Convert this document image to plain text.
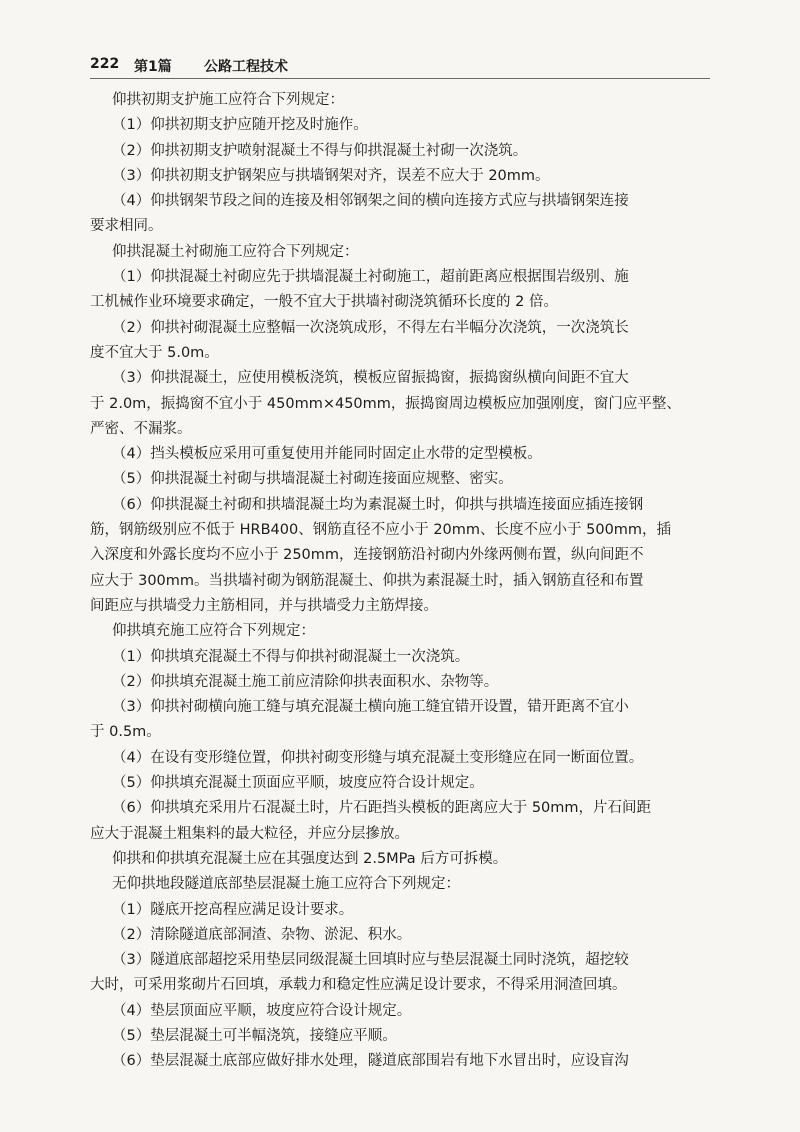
222 第1篇 公路工程技术

仰拱初期支护施工应符合下列规定：

（1）仰拱初期支护应随开挖及时施作。

（2）仰拱初期支护喷射混凝土不得与仰拱混凝土衬砌一次浇筑。

（3）仰拱初期支护钢架应与拱墙钢架对齐，误差不应大于 20mm。

（4）仰拱钢架节段之间的连接及相邻钢架之间的横向连接方式应与拱墙钢架连接

要求相同。

仰拱混凝土衬砌施工应符合下列规定：

（1）仰拱混凝土衬砌应先于拱墙混凝土衬砌施工，超前距离应根据围岩级别、施

工机械作业环境要求确定，一般不宜大于拱墙衬砌浇筑循环长度的 2 倍。

（2）仰拱衬砌混凝土应整幅一次浇筑成形，不得左右半幅分次浇筑，一次浇筑长

度不宜大于 5.0m。

（3）仰拱混凝土，应使用模板浇筑，模板应留振捣窗，振捣窗纵横向间距不宜大

于 2.0m，振捣窗不宜小于 450mm×450mm，振捣窗周边模板应加强刚度，窗门应平整、

严密、不漏浆。

（4）挡头模板应采用可重复使用并能同时固定止水带的定型模板。

（5）仰拱混凝土衬砌与拱墙混凝土衬砌连接面应规整、密实。

（6）仰拱混凝土衬砌和拱墙混凝土均为素混凝土时，仰拱与拱墙连接面应插连接钢

筋，钢筋级别应不低于 HRB400、钢筋直径不应小于 20mm、长度不应小于 500mm，插

入深度和外露长度均不应小于 250mm，连接钢筋沿衬砌内外缘两侧布置，纵向间距不

应大于 300mm。当拱墙衬砌为钢筋混凝土、仰拱为素混凝土时，插入钢筋直径和布置

间距应与拱墙受力主筋相同，并与拱墙受力主筋焊接。

仰拱填充施工应符合下列规定：

（1）仰拱填充混凝土不得与仰拱衬砌混凝土一次浇筑。

（2）仰拱填充混凝土施工前应清除仰拱表面积水、杂物等。

（3）仰拱衬砌横向施工缝与填充混凝土横向施工缝宜错开设置，错开距离不宜小

于 0.5m。

（4）在设有变形缝位置，仰拱衬砌变形缝与填充混凝土变形缝应在同一断面位置。

（5）仰拱填充混凝土顶面应平顺，坡度应符合设计规定。

（6）仰拱填充采用片石混凝土时，片石距挡头模板的距离应大于 50mm，片石间距

应大于混凝土粗集料的最大粒径，并应分层摻放。

仰拱和仰拱填充混凝土应在其强度达到 2.5MPa 后方可拆模。

无仰拱地段隧道底部垫层混凝土施工应符合下列规定：

（1）隧底开挖高程应满足设计要求。

（2）清除隧道底部洞渣、杂物、淤泥、积水。

（3）隧道底部超挖采用垫层同级混凝土回填时应与垫层混凝土同时浇筑，超挖较

大时，可采用浆砌片石回填，承载力和稳定性应满足设计要求，不得采用洞渣回填。

（4）垫层顶面应平顺，坡度应符合设计规定。

（5）垫层混凝土可半幅浇筑，接缝应平顺。

（6）垫层混凝土底部应做好排水处理，隧道底部围岩有地下水冒出时，应设盲沟
